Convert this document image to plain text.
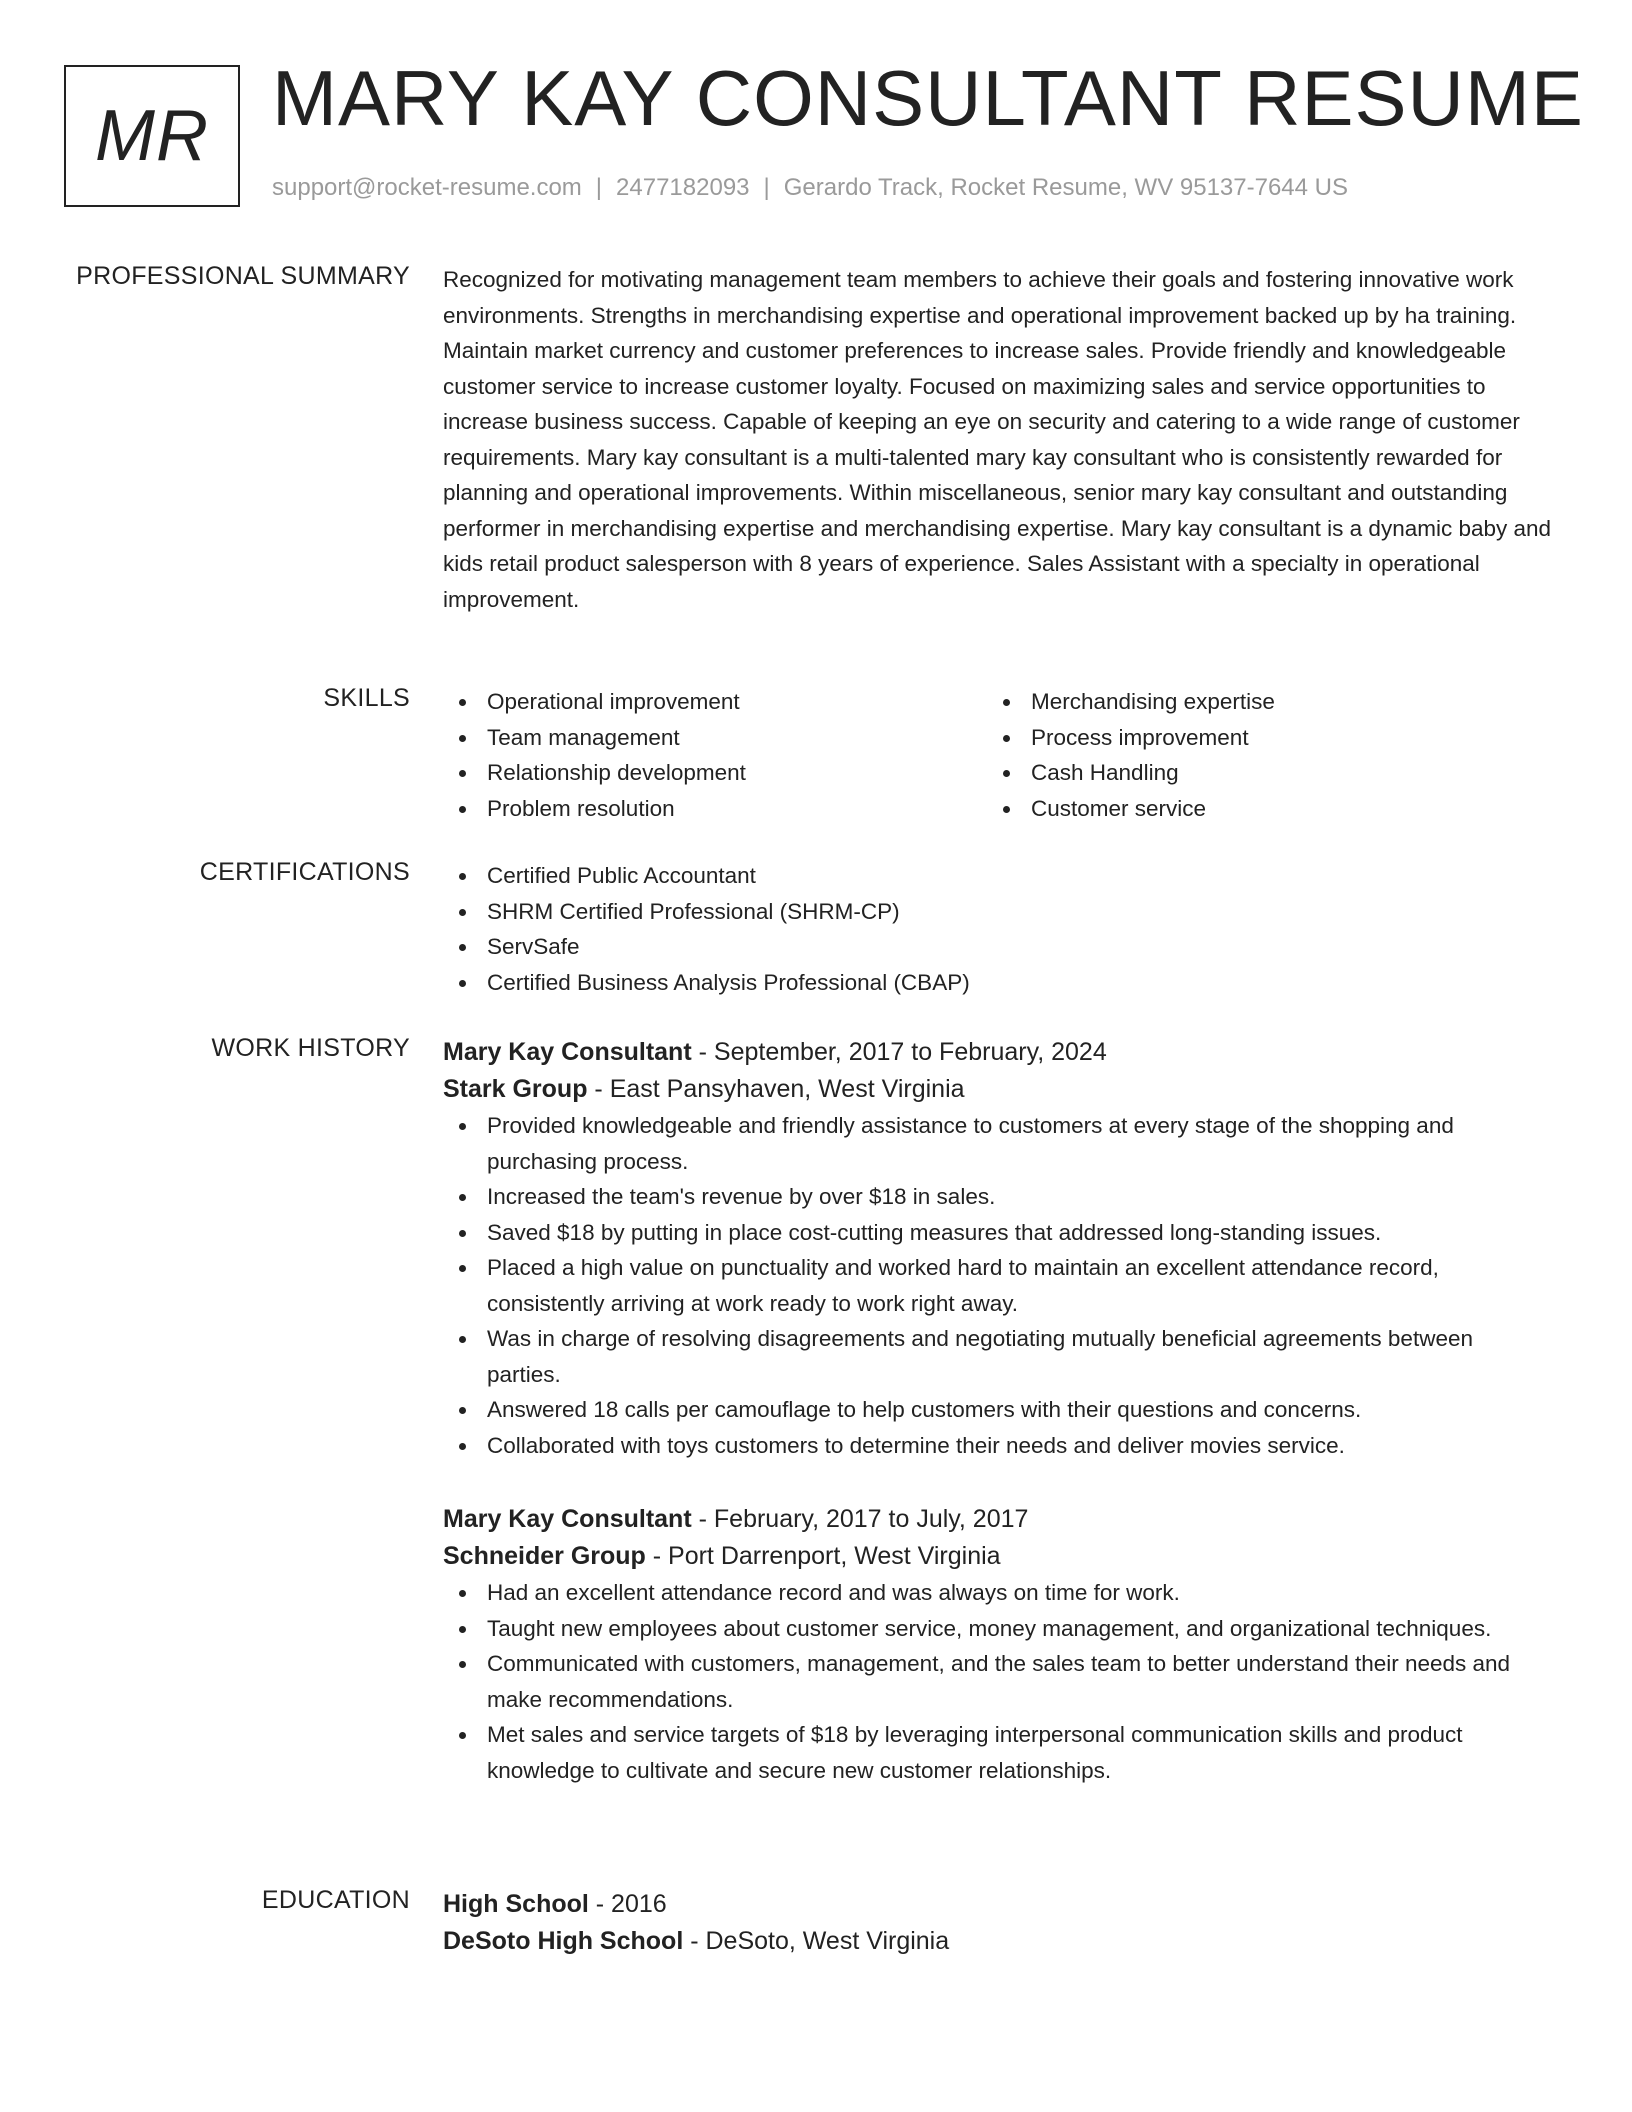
MR MARY KAY CONSULTANT RESUME
support@rocket-resume.com | 2477182093 | Gerardo Track, Rocket Resume, WV 95137-7644 US
PROFESSIONAL SUMMARY Recognized for motivating management team members to achieve their goals and fostering innovative work environments. Strengths in merchandising expertise and operational improvement backed up by ha training. Maintain market currency and customer preferences to increase sales. Provide friendly and knowledgeable customer service to increase customer loyalty. Focused on maximizing sales and service opportunities to increase business success. Capable of keeping an eye on security and catering to a wide range of customer requirements. Mary kay consultant is a multi-talented mary kay consultant who is consistently rewarded for planning and operational improvements. Within miscellaneous, senior mary kay consultant and outstanding performer in merchandising expertise and merchandising expertise. Mary kay consultant is a dynamic baby and kids retail product salesperson with 8 years of experience. Sales Assistant with a specialty in operational improvement.

SKILLS	Operational improvement
Team management
Relationship development
Problem resolution
Merchandising expertise
Process improvement
Cash Handling
Customer service
CERTIFICATIONS	Certified Public Accountant
SHRM Certified Professional (SHRM-CP)
ServSafe
Certified Business Analysis Professional (CBAP)
WORK HISTORY Mary Kay Consultant - September, 2017 to February, 2024
Stark Group - East Pansyhaven, West Virginia
Provided knowledgeable and friendly assistance to customers at every stage of the shopping and purchasing process.
Increased the team's revenue by over $18 in sales.
Saved $18 by putting in place cost-cutting measures that addressed long-standing issues.
Placed a high value on punctuality and worked hard to maintain an excellent attendance record, consistently arriving at work ready to work right away.
Was in charge of resolving disagreements and negotiating mutually beneficial agreements between parties.
Answered 18 calls per camouflage to help customers with their questions and concerns.
Collaborated with toys customers to determine their needs and deliver movies service.
Mary Kay Consultant - February, 2017 to July, 2017
Schneider Group - Port Darrenport, West Virginia
Had an excellent attendance record and was always on time for work.
Taught new employees about customer service, money management, and organizational techniques.
Communicated with customers, management, and the sales team to better understand their needs and make recommendations.
Met sales and service targets of $18 by leveraging interpersonal communication skills and product knowledge to cultivate and secure new customer relationships.
EDUCATION High School - 2016
DeSoto High School - DeSoto, West Virginia
